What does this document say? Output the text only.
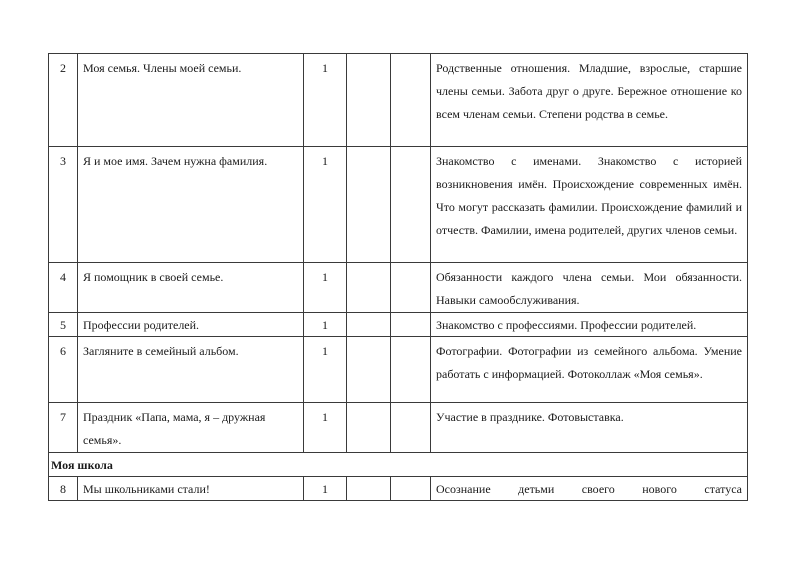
2	Моя семья. Члены моей семьи.	1			Родственные отношения. Младшие, взрослые, старшие члены семьи. Забота друг о друге. Бережное отношение ко всем членам семьи. Степени родства в семье.
3	Я и мое имя. Зачем нужна фамилия.	1			Знакомство с именами. Знакомство с историей возникновения имён. Происхождение современных имён. Что могут рассказать фамилии. Происхождение фамилий и отчеств. Фамилии, имена родителей, других членов семьи.
4	Я помощник в своей семье.	1			Обязанности каждого члена семьи. Мои обязанности. Навыки самообслуживания.
5	Профессии родителей.	1			Знакомство с профессиями. Профессии родителей.
6	Загляните в семейный альбом.	1			Фотографии. Фотографии из семейного альбома. Умение работать с информацией. Фотоколлаж «Моя семья».
7	Праздник «Папа, мама, я – дружная семья».	1			Участие в празднике. Фотовыставка.
Моя школа					
8	Мы школьниками стали!	1			Осознание детьми своего нового статуса
